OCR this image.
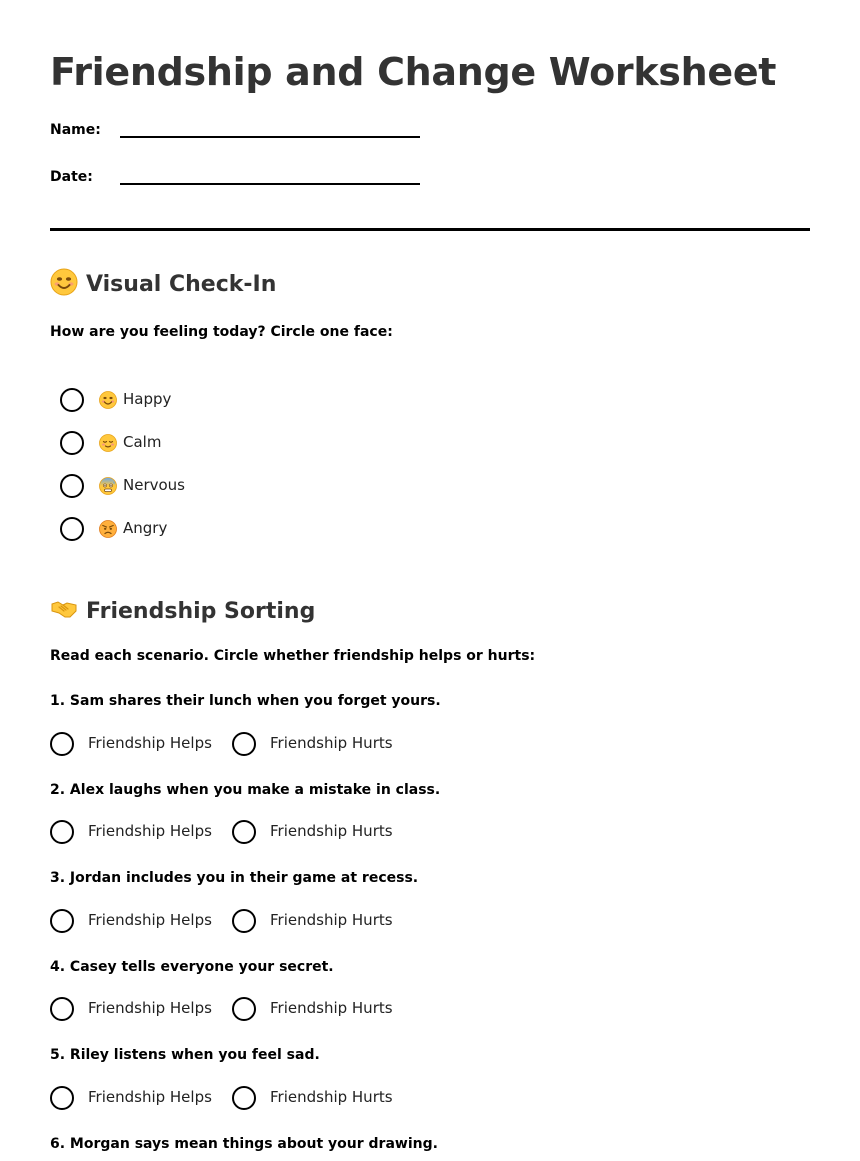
Friendship and Change Worksheet
Name:
Date:
Visual Check-In
How are you feeling today? Circle one face:
Happy
Calm
Nervous
Angry
Friendship Sorting
Read each scenario. Circle whether friendship helps or hurts:
1. Sam shares their lunch when you forget yours.
Friendship Helps	Friendship Hurts
2. Alex laughs when you make a mistake in class.
Friendship Helps	Friendship Hurts
3. Jordan includes you in their game at recess.
Friendship Helps	Friendship Hurts
4. Casey tells everyone your secret.
Friendship Helps	Friendship Hurts
5. Riley listens when you feel sad.
Friendship Helps	Friendship Hurts
6. Morgan says mean things about your drawing.
